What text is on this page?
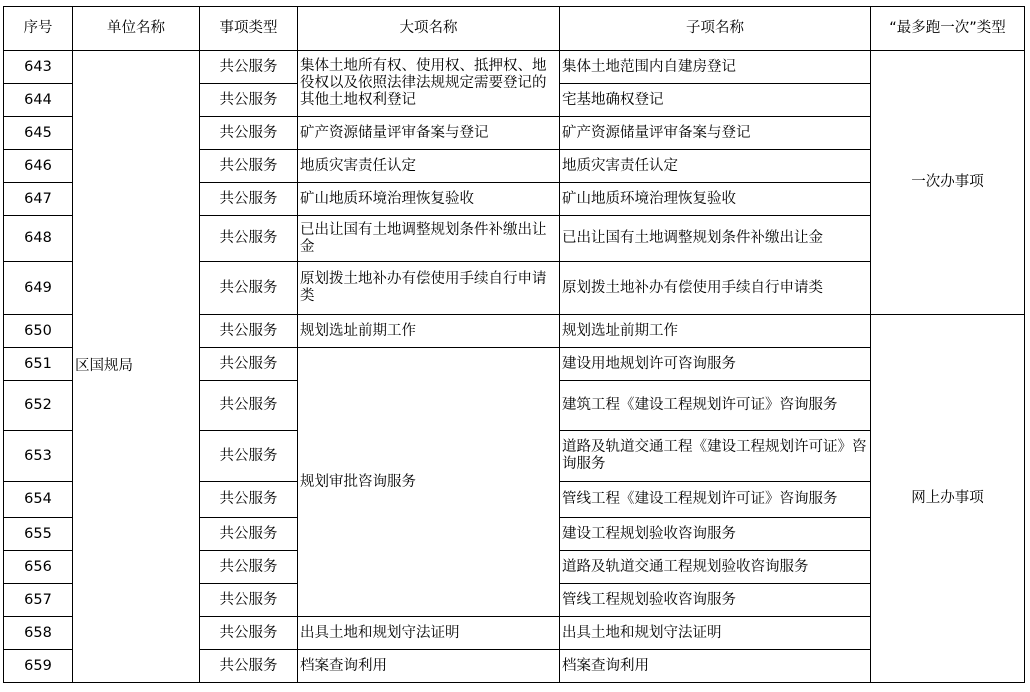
序号	单位名称	事项类型	大项名称	子项名称	“最多跑一次”类型
643	区国规局	共公服务	集体土地所有权、使用权、抵押权、地役权以及依照法律法规规定需要登记的其他土地权利登记	集体土地范围内自建房登记	一次办事项
644		共公服务		宅基地确权登记	
645		共公服务	矿产资源储量评审备案与登记	矿产资源储量评审备案与登记	
646		共公服务	地质灾害责任认定	地质灾害责任认定	
647		共公服务	矿山地质环境治理恢复验收	矿山地质环境治理恢复验收	
648		共公服务	已出让国有土地调整规划条件补缴出让金	已出让国有土地调整规划条件补缴出让金	
649		共公服务	原划拨土地补办有偿使用手续自行申请类	原划拨土地补办有偿使用手续自行申请类	
650		共公服务	规划选址前期工作	规划选址前期工作	网上办事项
651		共公服务	规划审批咨询服务	建设用地规划许可咨询服务	
652		共公服务		建筑工程《建设工程规划许可证》咨询服务	
653		共公服务		道路及轨道交通工程《建设工程规划许可证》咨询服务	
654		共公服务		管线工程《建设工程规划许可证》咨询服务	
655		共公服务		建设工程规划验收咨询服务	
656		共公服务		道路及轨道交通工程规划验收咨询服务	
657		共公服务		管线工程规划验收咨询服务	
658		共公服务	出具土地和规划守法证明	出具土地和规划守法证明	
659		共公服务	档案查询利用	档案查询利用	
